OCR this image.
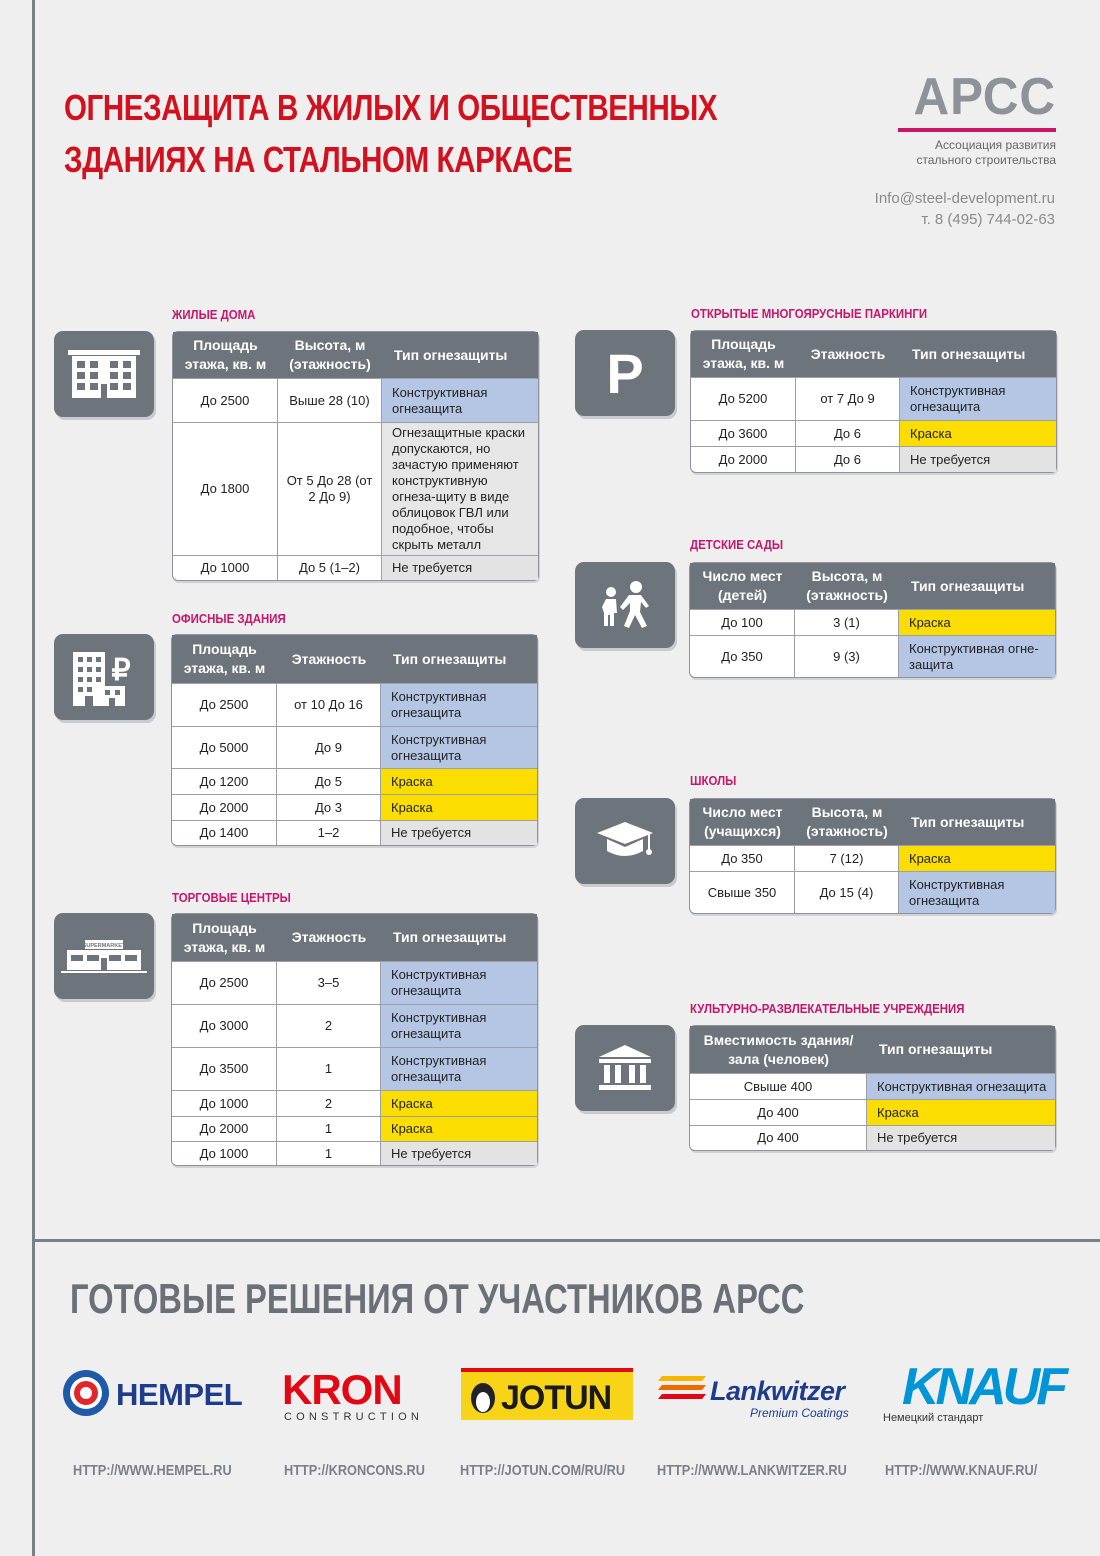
ОГНЕЗАЩИТА В ЖИЛЫХ И ОБЩЕСТВЕННЫХ
ЗДАНИЯХ НА СТАЛЬНОМ КАРКАСЕ
АРСС
Ассоциация развития
стального строительства
Info@steel-development.ru
т. 8 (495) 744-02-63
ЖИЛЫЕ ДОМА
Площадь этажа, кв. м	Высота, м (этажность)	Тип огнезащиты
До 2500	Выше 28 (10)	Конструктивная огнезащита
До 1800	От 5 До 28 (от 2 До 9)	Огнезащитные краски допускаются, но зачастую применяют конструктивную огнеза-щиту в виде облицовок ГВЛ или подобное, чтобы скрыть металл
До 1000	До 5 (1–2)	Не требуется
ОФИСНЫЕ ЗДАНИЯ
₽
Площадь этажа, кв. м	Этажность	Тип огнезащиты
До 2500	от 10 До 16	Конструктивная огнезащита
До 5000	До 9	Конструктивная огнезащита
До 1200	До 5	Краска
До 2000	До 3	Краска
До 1400	1–2	Не требуется
ТОРГОВЫЕ ЦЕНТРЫ
SUPERMARKET
Площадь этажа, кв. м	Этажность	Тип огнезащиты
До 2500	3–5	Конструктивная огнезащита
До 3000	2	Конструктивная огнезащита
До 3500	1	Конструктивная огнезащита
До 1000	2	Краска
До 2000	1	Краска
До 1000	1	Не требуется
ОТКРЫТЫЕ МНОГОЯРУСНЫЕ ПАРКИНГИ
P	Площадь этажа, кв. м	Этажность	Тип огнезащиты
До 5200	от 7 До 9	Конструктивная огнезащита
До 3600	До 6	Краска
До 2000	До 6	Не требуется
ДЕТСКИЕ САДЫ
Число мест (детей)	Высота, м (этажность)	Тип огнезащиты
До 100	3 (1)	Краска
До 350	9 (3)	Конструктивная огне-защита
ШКОЛЫ
Число мест (учащихся)	Высота, м (этажность)	Тип огнезащиты
До 350	7 (12)	Краска
Свыше 350	До 15 (4)	Конструктивная огнезащита
КУЛЬТУРНО-РАЗВЛЕКАТЕЛЬНЫЕ УЧРЕЖДЕНИЯ
Вместимость здания/ зала (человек)	Тип огнезащиты
Свыше 400	Конструктивная огнезащита
До 400	Краска
До 400	Не требуется
ГОТОВЫЕ РЕШЕНИЯ ОТ УЧАСТНИКОВ АРСС
HEMPEL KRON
CONSTRUCTION JOTUN	Lankwitzer
Premium Coatings KNAUF
Немецкий стандарт
HTTP://WWW.HEMPEL.RU	HTTP://KRONCONS.RU HTTP://JOTUN.COM/RU/RU HTTP://WWW.LANKWITZER.RU	HTTP://WWW.KNAUF.RU/
